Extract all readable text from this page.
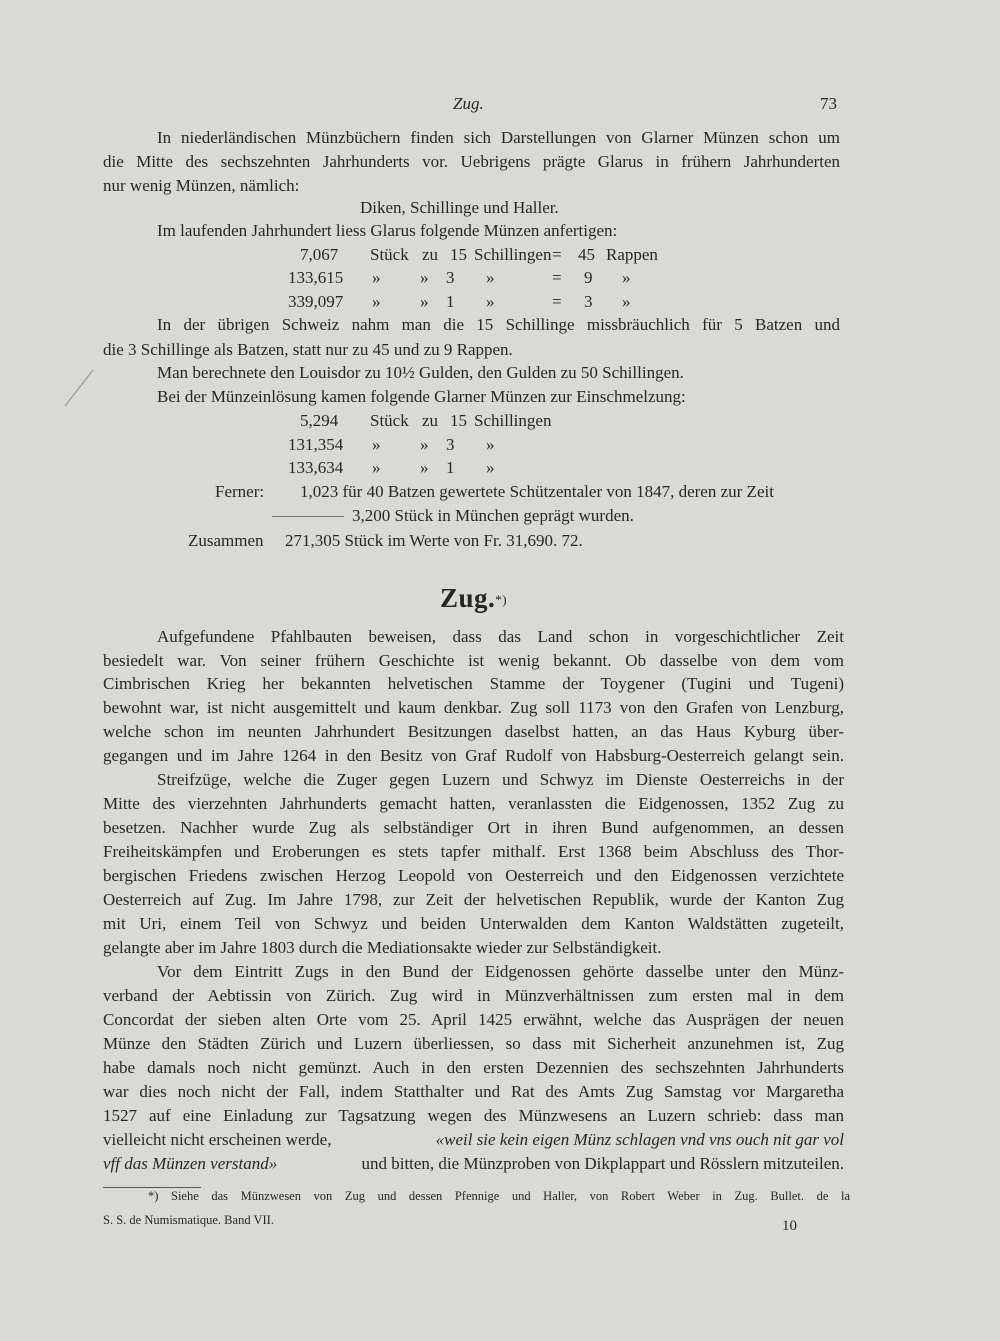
Zug.	73
In niederländischen Münzbüchern finden sich Darstellungen von Glarner Münzen schon um
die Mitte des sechszehnten Jahrhunderts vor. Uebrigens prägte Glarus in frühern Jahrhunderten
nur wenig Münzen, nämlich:
Diken, Schillinge und Haller.
Im laufenden Jahrhundert liess Glarus folgende Münzen anfertigen:
7,067 Stück zu 15 Schillingen = 45 Rappen
133,615 » » 3 »	= 9 »
339,097 » » 1 »	= 3 »
In der übrigen Schweiz nahm man die 15 Schillinge missbräuchlich für 5 Batzen und
die 3 Schillinge als Batzen, statt nur zu 45 und zu 9 Rappen.
Man berechnete den Louisdor zu 10½ Gulden, den Gulden zu 50 Schillingen.
Bei der Münzeinlösung kamen folgende Glarner Münzen zur Einschmelzung:
5,294 Stück zu 15 Schillingen
131,354 » » 3 »
133,634 » » 1 »
Ferner: 1,023 für 40 Batzen gewertete Schützentaler von 1847, deren zur Zeit
3,200 Stück in München geprägt wurden.
Zusammen 271,305 Stück im Werte von Fr. 31,690. 72.
Zug.*)
Aufgefundene Pfahlbauten beweisen, dass das Land schon in vorgeschichtlicher Zeit
besiedelt war. Von seiner frühern Geschichte ist wenig bekannt. Ob dasselbe von dem vom
Cimbrischen Krieg her bekannten helvetischen Stamme der Toygener (Tugini und Tugeni)
bewohnt war, ist nicht ausgemittelt und kaum denkbar. Zug soll 1173 von den Grafen von Lenzburg,
welche schon im neunten Jahrhundert Besitzungen daselbst hatten, an das Haus Kyburg über-
gegangen und im Jahre 1264 in den Besitz von Graf Rudolf von Habsburg-Oesterreich gelangt sein.
Streifzüge, welche die Zuger gegen Luzern und Schwyz im Dienste Oesterreichs in der
Mitte des vierzehnten Jahrhunderts gemacht hatten, veranlassten die Eidgenossen, 1352 Zug zu
besetzen. Nachher wurde Zug als selbständiger Ort in ihren Bund aufgenommen, an dessen
Freiheitskämpfen und Eroberungen es stets tapfer mithalf. Erst 1368 beim Abschluss des Thor-
bergischen Friedens zwischen Herzog Leopold von Oesterreich und den Eidgenossen verzichtete
Oesterreich auf Zug. Im Jahre 1798, zur Zeit der helvetischen Republik, wurde der Kanton Zug
mit Uri, einem Teil von Schwyz und beiden Unterwalden dem Kanton Waldstätten zugeteilt,
gelangte aber im Jahre 1803 durch die Mediationsakte wieder zur Selbständigkeit.
Vor dem Eintritt Zugs in den Bund der Eidgenossen gehörte dasselbe unter den Münz-
verband der Aebtissin von Zürich. Zug wird in Münzverhältnissen zum ersten mal in dem
Concordat der sieben alten Orte vom 25. April 1425 erwähnt, welche das Ausprägen der neuen
Münze den Städten Zürich und Luzern überliessen, so dass mit Sicherheit anzunehmen ist, Zug
habe damals noch nicht gemünzt. Auch in den ersten Dezennien des sechszehnten Jahrhunderts
war dies noch nicht der Fall, indem Statthalter und Rat des Amts Zug Samstag vor Margaretha
1527 auf eine Einladung zur Tagsatzung wegen des Münzwesens an Luzern schrieb: dass man
vielleicht nicht erscheinen werde,	«weil sie kein eigen Münz schlagen vnd vns ouch nit gar vol
vff das Münzen verstand»	und bitten, die Münzproben von Dikplappart und Rösslern mitzuteilen.
*) Siehe das Münzwesen von Zug und dessen Pfennige und Haller, von Robert Weber in Zug. Bullet. de la
S. S. de Numismatique. Band VII.	10
